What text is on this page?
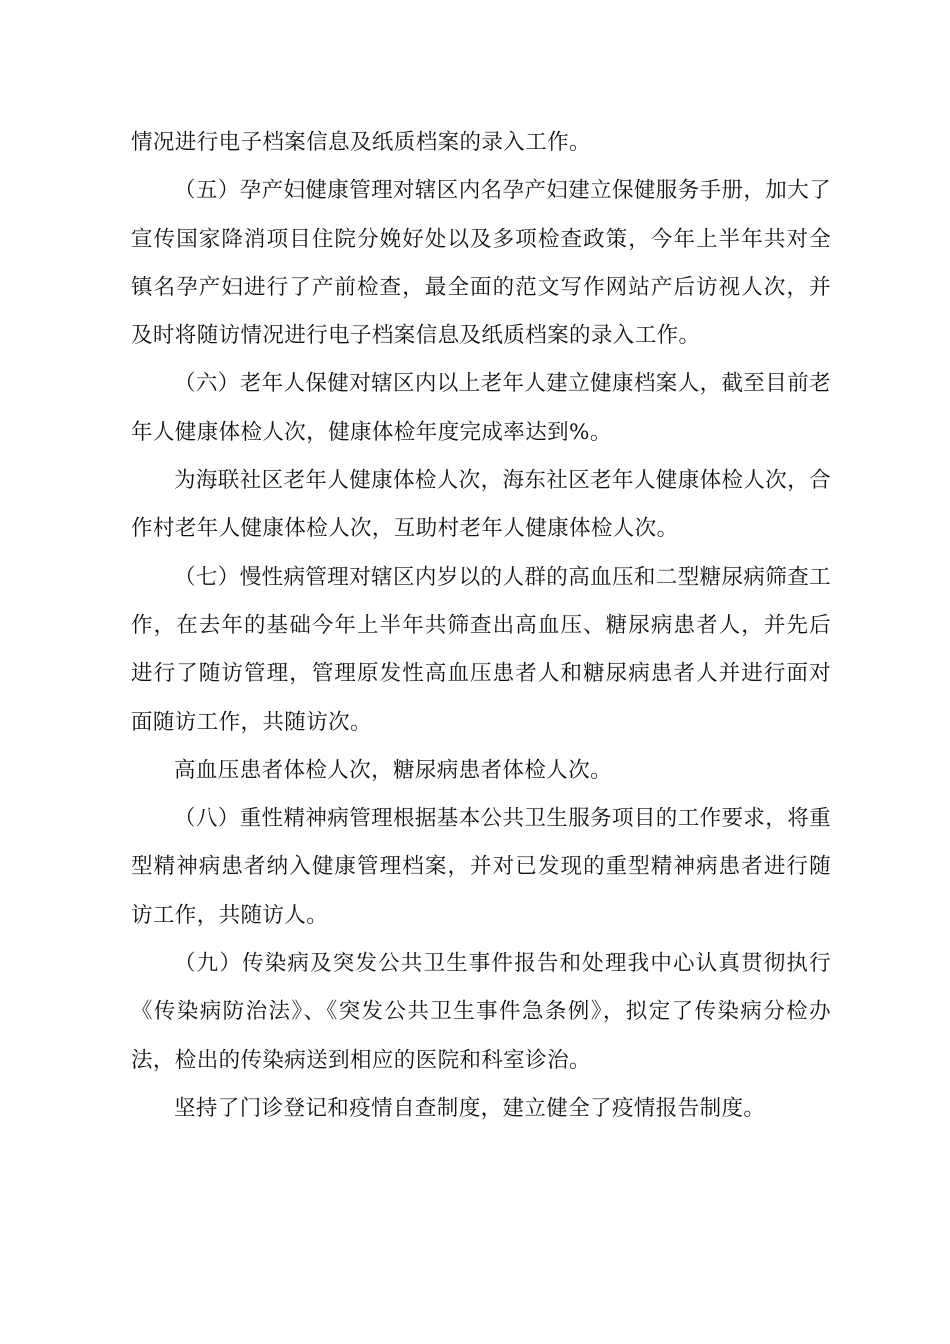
情况进行电子档案信息及纸质档案的录入工作。

（五）孕产妇健康管理对辖区内名孕产妇建立保健服务手册，加大了宣传国家降消项目住院分娩好处以及多项检查政策，今年上半年共对全镇名孕产妇进行了产前检查，最全面的范文写作网站产后访视人次，并及时将随访情况进行电子档案信息及纸质档案的录入工作。

（六）老年人保健对辖区内以上老年人建立健康档案人，截至目前老年人健康体检人次，健康体检年度完成率达到%。

为海联社区老年人健康体检人次，海东社区老年人健康体检人次，合作村老年人健康体检人次，互助村老年人健康体检人次。

（七）慢性病管理对辖区内岁以的人群的高血压和二型糖尿病筛查工作，在去年的基础今年上半年共筛查出高血压、糖尿病患者人，并先后进行了随访管理，管理原发性高血压患者人和糖尿病患者人并进行面对面随访工作，共随访次。

高血压患者体检人次，糖尿病患者体检人次。

（八）重性精神病管理根据基本公共卫生服务项目的工作要求，将重型精神病患者纳入健康管理档案，并对已发现的重型精神病患者进行随访工作，共随访人。

（九）传染病及突发公共卫生事件报告和处理我中心认真贯彻执行《传染病防治法》、《突发公共卫生事件急条例》，拟定了传染病分检办法，检出的传染病送到相应的医院和科室诊治。

坚持了门诊登记和疫情自查制度，建立健全了疫情报告制度。
